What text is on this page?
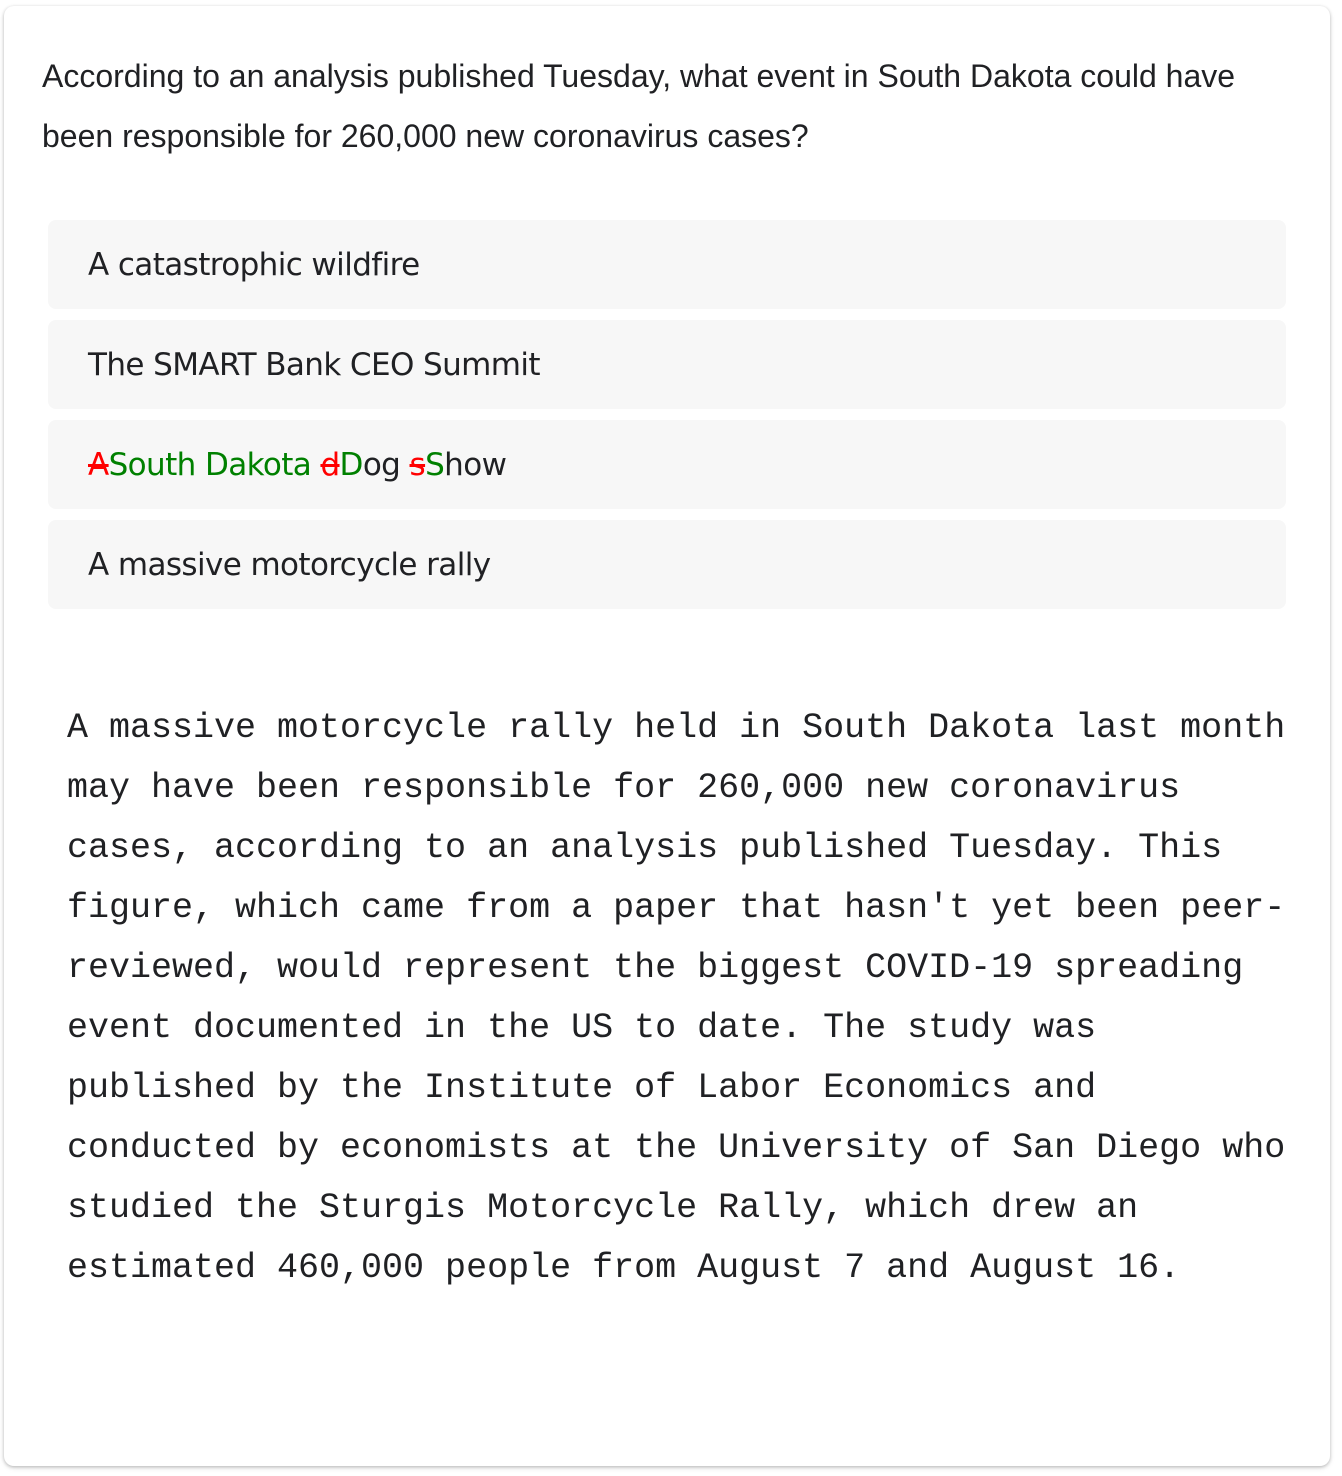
According to an analysis published Tuesday, what event in South Dakota could have been responsible for 260,000 new coronavirus cases?

A catastrophic wildfire
The SMART Bank CEO Summit
ASouth Dakota dDog sShow
A massive motorcycle rally

A massive motorcycle rally held in South Dakota last month may have been responsible for 260,000 new coronavirus cases, according to an analysis published Tuesday. This figure, which came from a paper that hasn't yet been peer-reviewed, would represent the biggest COVID-19 spreading event documented in the US to date. The study was published by the Institute of Labor Economics and conducted by economists at the University of San Diego who studied the Sturgis Motorcycle Rally, which drew an estimated 460,000 people from August 7 and August 16.
